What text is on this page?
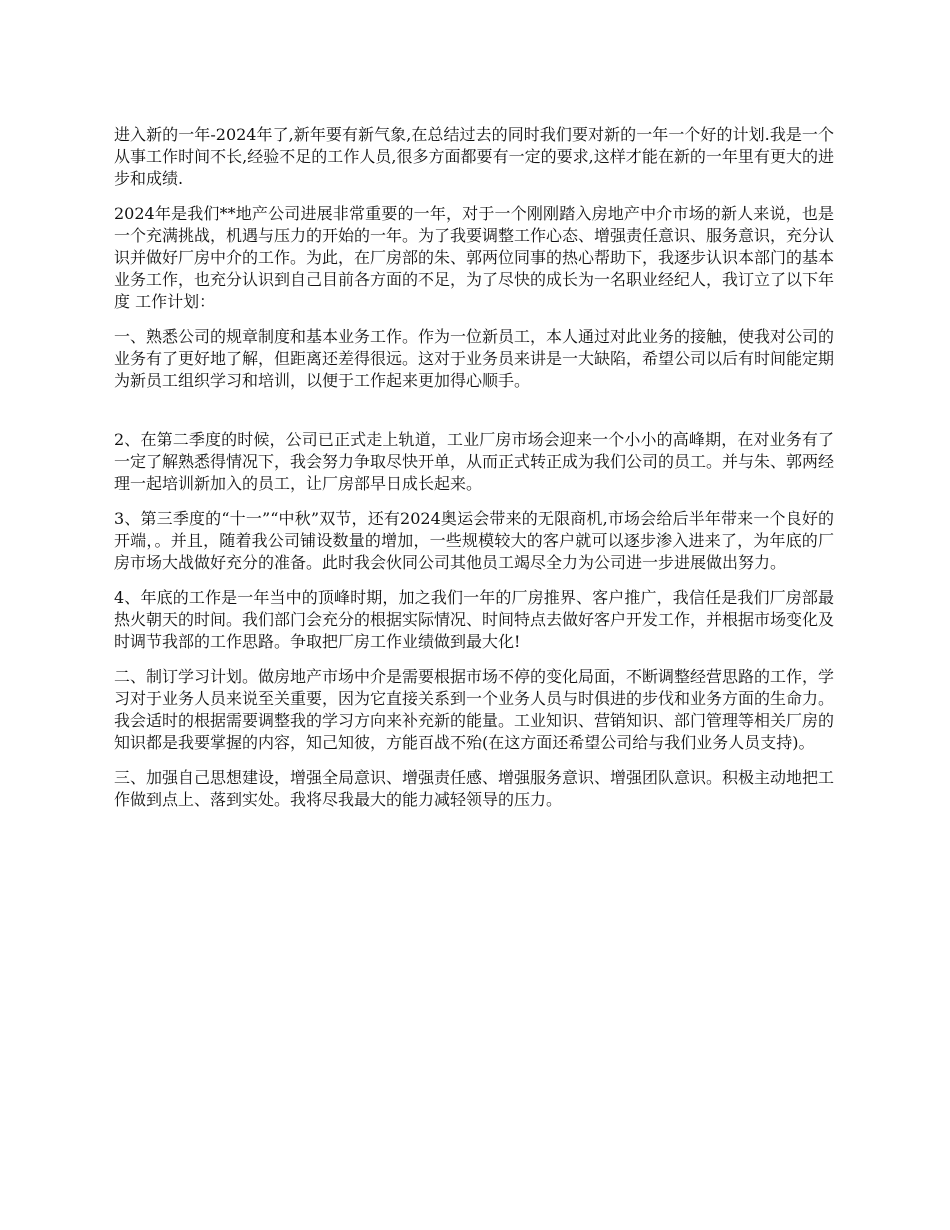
进入新的一年-2024年了,新年要有新气象,在总结过去的同时我们要对新的一年一个好的计划.我是一个从事工作时间不长,经验不足的工作人员,很多方面都要有一定的要求,这样才能在新的一年里有更大的进步和成绩.

2024年是我们**地产公司进展非常重要的一年，对于一个刚刚踏入房地产中介市场的新人来说，也是一个充满挑战，机遇与压力的开始的一年。为了我要调整工作心态、增强责任意识、服务意识，充分认识并做好厂房中介的工作。为此，在厂房部的朱、郭两位同事的热心帮助下，我逐步认识本部门的基本业务工作，也充分认识到自己目前各方面的不足，为了尽快的成长为一名职业经纪人，我订立了以下年度 工作计划：

一、熟悉公司的规章制度和基本业务工作。作为一位新员工，本人通过对此业务的接触，使我对公司的业务有了更好地了解，但距离还差得很远。这对于业务员来讲是一大缺陷，希望公司以后有时间能定期为新员工组织学习和培训，以便于工作起来更加得心顺手。

2、在第二季度的时候，公司已正式走上轨道，工业厂房市场会迎来一个小小的高峰期，在对业务有了一定了解熟悉得情况下，我会努力争取尽快开单，从而正式转正成为我们公司的员工。并与朱、郭两经理一起培训新加入的员工，让厂房部早日成长起来。

3、第三季度的“十一”“中秋”双节，还有2024奥运会带来的无限商机,市场会给后半年带来一个良好的开端，。并且，随着我公司铺设数量的增加，一些规模较大的客户就可以逐步渗入进来了，为年底的厂房市场大战做好充分的准备。此时我会伙同公司其他员工竭尽全力为公司进一步进展做出努力。

4、年底的工作是一年当中的顶峰时期，加之我们一年的厂房推界、客户推广，我信任是我们厂房部最热火朝天的时间。我们部门会充分的根据实际情况、时间特点去做好客户开发工作，并根据市场变化及时调节我部的工作思路。争取把厂房工作业绩做到最大化!

二、制订学习计划。做房地产市场中介是需要根据市场不停的变化局面，不断调整经营思路的工作，学习对于业务人员来说至关重要，因为它直接关系到一个业务人员与时俱进的步伐和业务方面的生命力。我会适时的根据需要调整我的学习方向来补充新的能量。工业知识、营销知识、部门管理等相关厂房的知识都是我要掌握的内容，知己知彼，方能百战不殆(在这方面还希望公司给与我们业务人员支持)。

三、加强自己思想建设，增强全局意识、增强责任感、增强服务意识、增强团队意识。积极主动地把工作做到点上、落到实处。我将尽我最大的能力减轻领导的压力。
